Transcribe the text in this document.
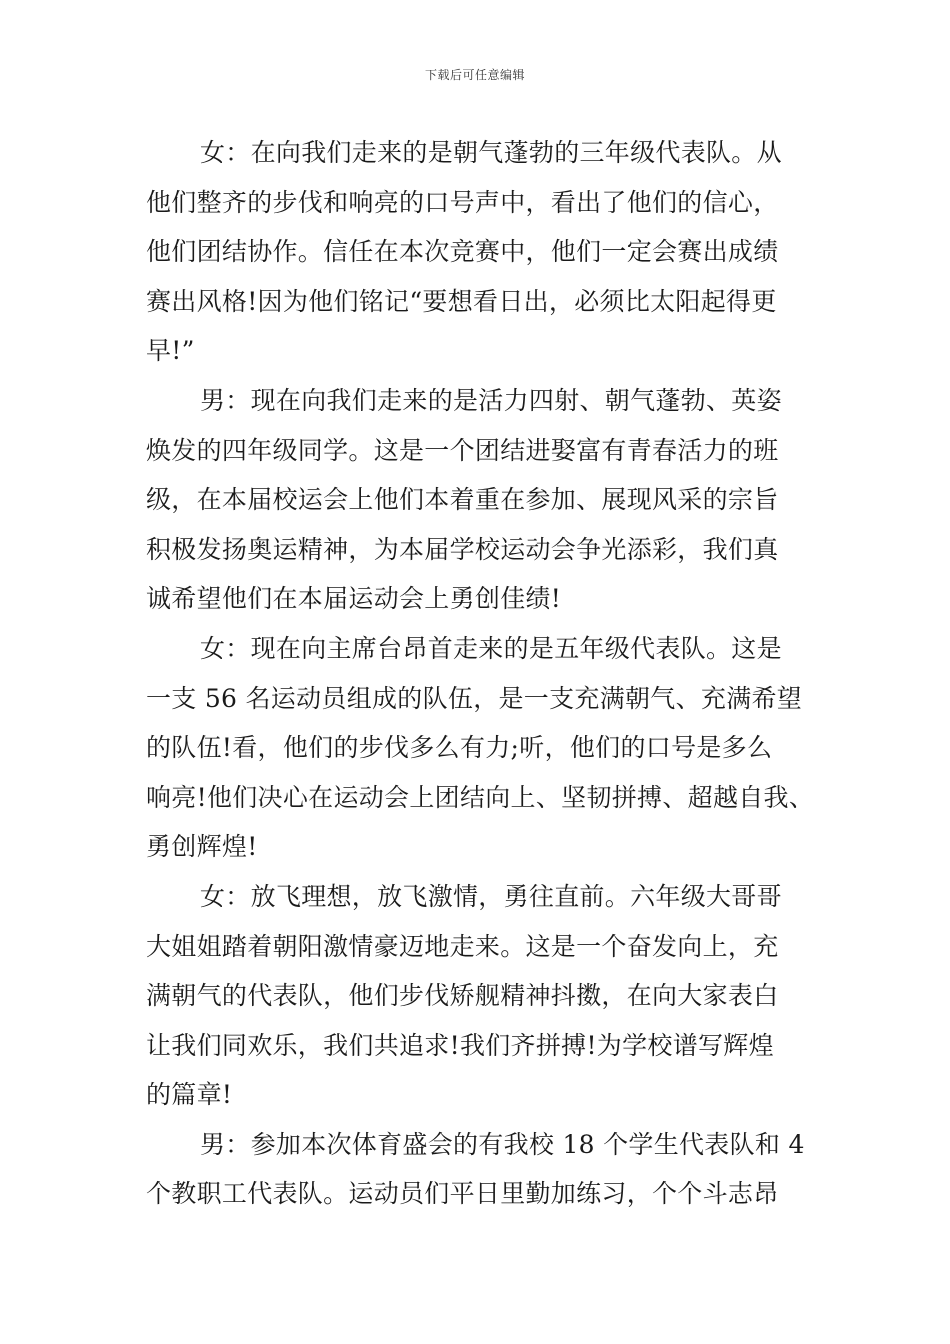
下载后可任意编辑
女：在向我们走来的是朝气蓬勃的三年级代表队。从
他们整齐的步伐和响亮的口号声中，看出了他们的信心，
他们团结协作。信任在本次竞赛中，他们一定会赛出成绩
赛出风格!因为他们铭记“要想看日出，必须比太阳起得更
早!”
男：现在向我们走来的是活力四射、朝气蓬勃、英姿
焕发的四年级同学。这是一个团结进娶富有青春活力的班
级，在本届校运会上他们本着重在参加、展现风采的宗旨
积极发扬奥运精神，为本届学校运动会争光添彩，我们真
诚希望他们在本届运动会上勇创佳绩!
女：现在向主席台昂首走来的是五年级代表队。这是
一支 56 名运动员组成的队伍，是一支充满朝气、充满希望
的队伍!看，他们的步伐多么有力;听，他们的口号是多么
响亮!他们决心在运动会上团结向上、坚韧拼搏、超越自我、
勇创辉煌!
女：放飞理想，放飞激情，勇往直前。六年级大哥哥
大姐姐踏着朝阳激情豪迈地走来。这是一个奋发向上，充
满朝气的代表队，他们步伐矫舰精神抖擞，在向大家表白
让我们同欢乐，我们共追求!我们齐拼搏!为学校谱写辉煌
的篇章!
男：参加本次体育盛会的有我校 18 个学生代表队和 4
个教职工代表队。运动员们平日里勤加练习，个个斗志昂
